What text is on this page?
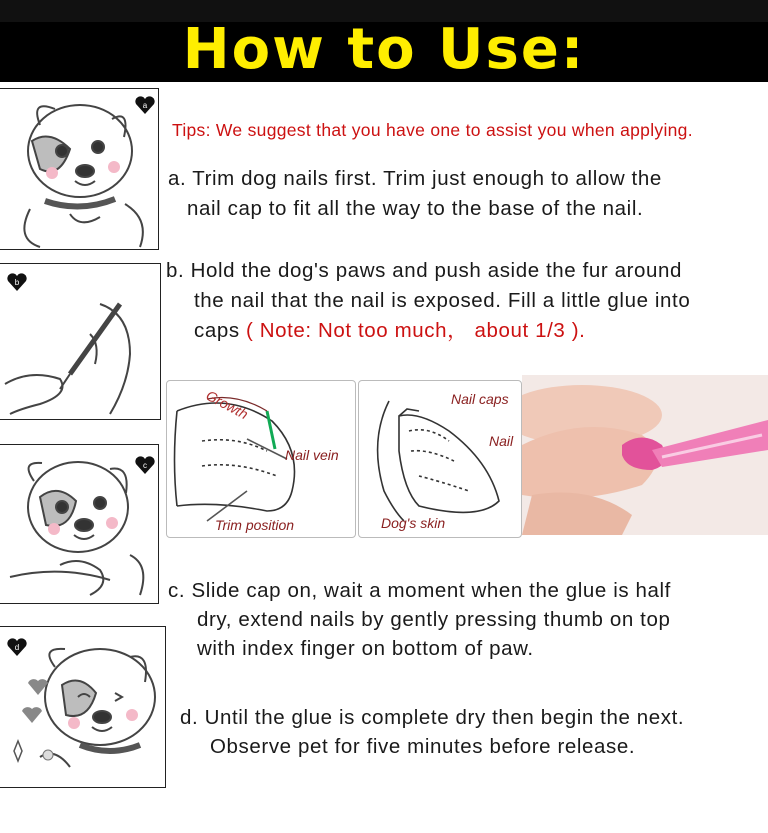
How to Use:
a
Tips: We suggest that you have one to assist you when applying.
a. Trim dog nails first. Trim just enough to allow the
nail cap to fit all the way to the base of the nail.
b
b. Hold the dog's paws and push aside the fur around
the nail that the nail is exposed. Fill a little glue into
caps ( Note: Not too much， about 1/3 ).
Growth
Nail vein
Trim position
Nail caps
Nail
Dog's skin
c
c. Slide cap on, wait a moment when the glue is half
dry, extend nails by gently pressing thumb on top
with index finger on bottom of paw.
d
d. Until the glue is complete dry then begin the next.
Observe pet for five minutes before release.
